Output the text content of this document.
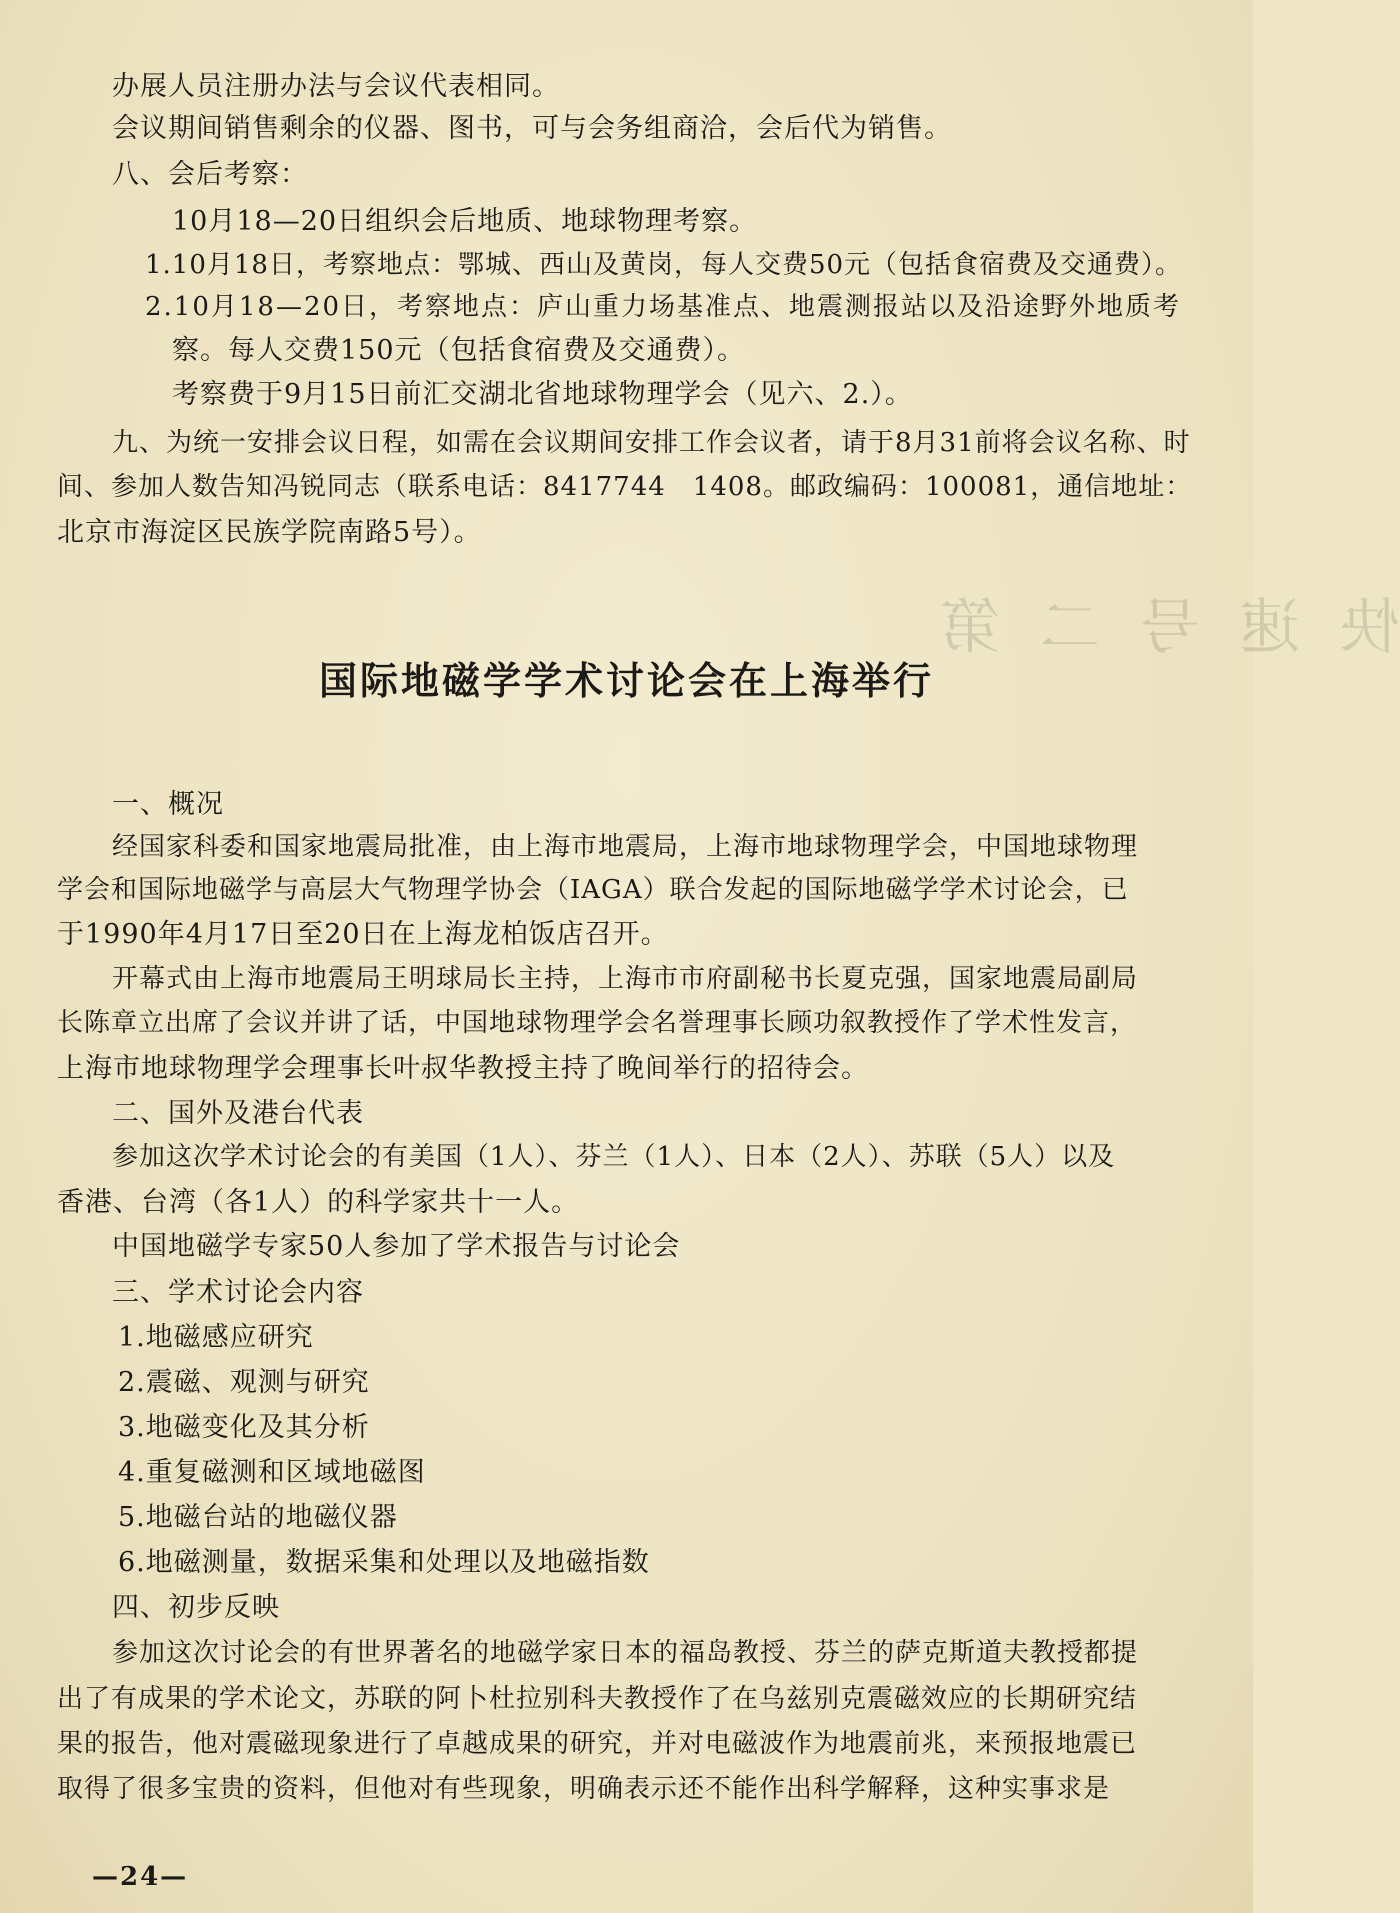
快速号二第
办展人员注册办法与会议代表相同。
会议期间销售剩余的仪器、图书，可与会务组商洽，会后代为销售。
八、会后考察：
10月18—20日组织会后地质、地球物理考察。
1.10月18日，考察地点：鄂城、西山及黄岗，每人交费50元（包括食宿费及交通费）。
2.10月18—20日，考察地点：庐山重力场基准点、地震测报站以及沿途野外地质考
察。每人交费150元（包括食宿费及交通费）。
考察费于9月15日前汇交湖北省地球物理学会（见六、2.）。
九、为统一安排会议日程，如需在会议期间安排工作会议者，请于8月31前将会议名称、时
间、参加人数告知冯锐同志（联系电话：8417744　1408。邮政编码：100081，通信地址：
北京市海淀区民族学院南路5号）。
国际地磁学学术讨论会在上海举行
一、概况
经国家科委和国家地震局批准，由上海市地震局，上海市地球物理学会，中国地球物理
学会和国际地磁学与高层大气物理学协会（IAGA）联合发起的国际地磁学学术讨论会，已
于1990年4月17日至20日在上海龙柏饭店召开。
开幕式由上海市地震局王明球局长主持，上海市市府副秘书长夏克强，国家地震局副局
长陈章立出席了会议并讲了话，中国地球物理学会名誉理事长顾功叙教授作了学术性发言，
上海市地球物理学会理事长叶叔华教授主持了晚间举行的招待会。
二、国外及港台代表
参加这次学术讨论会的有美国（1人）、芬兰（1人）、日本（2人）、苏联（5人）以及
香港、台湾（各1人）的科学家共十一人。
中国地磁学专家50人参加了学术报告与讨论会
三、学术讨论会内容
1.地磁感应研究
2.震磁、观测与研究
3.地磁变化及其分析
4.重复磁测和区域地磁图
5.地磁台站的地磁仪器
6.地磁测量，数据采集和处理以及地磁指数
四、初步反映
参加这次讨论会的有世界著名的地磁学家日本的福岛教授、芬兰的萨克斯道夫教授都提
出了有成果的学术论文，苏联的阿卜杜拉别科夫教授作了在乌兹别克震磁效应的长期研究结
果的报告，他对震磁现象进行了卓越成果的研究，并对电磁波作为地震前兆，来预报地震已
取得了很多宝贵的资料，但他对有些现象，明确表示还不能作出科学解释，这种实事求是
—24—
